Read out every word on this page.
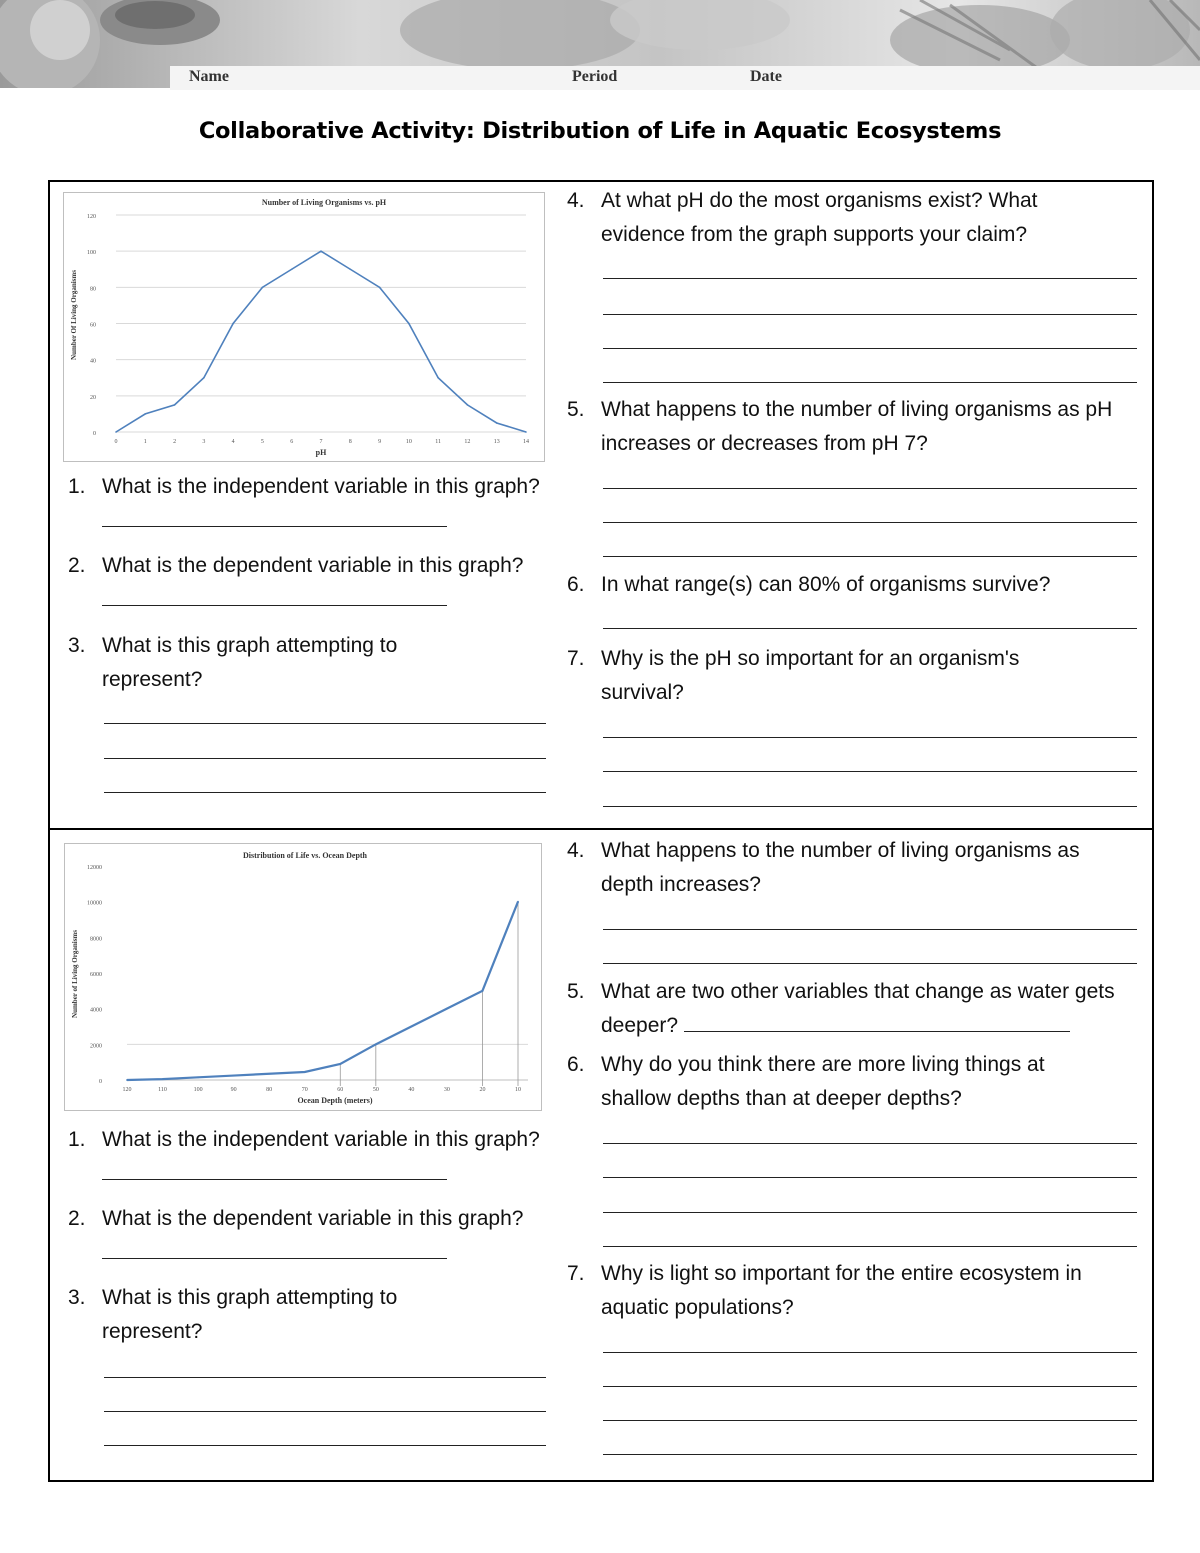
Name	Period	Date
Collaborative Activity: Distribution of Life in Aquatic Ecosystems
Number of Living Organisms vs. pH
pH
Number Of Living Organisms
0
20
40
60
80
100
120
0	1	2	3	4	5	6	7	8	9	10	11	12	13	14
1. What is the independent variable in this graph?
2. What is the dependent variable in this graph?
3. What is this graph attempting to represent?
4. At what pH do the most organisms exist? What evidence from the graph supports your claim?
5. What happens to the number of living organisms as pH increases or decreases from pH 7?
6. In what range(s) can 80% of organisms survive?
7. Why is the pH so important for an organism's survival?
Distribution of Life vs. Ocean Depth
Ocean Depth (meters)
Number of Living Organisms
0
2000
4000
6000
8000
10000
12000
120	110	100	90	80	70	60	50	40	30	20	10
1. What is the independent variable in this graph?
2. What is the dependent variable in this graph?
3. What is this graph attempting to represent?
4. What happens to the number of living organisms as depth increases?
5. What are two other variables that change as water gets deeper?
6. Why do you think there are more living things at shallow depths than at deeper depths?
7. Why is light so important for the entire ecosystem in aquatic populations?
